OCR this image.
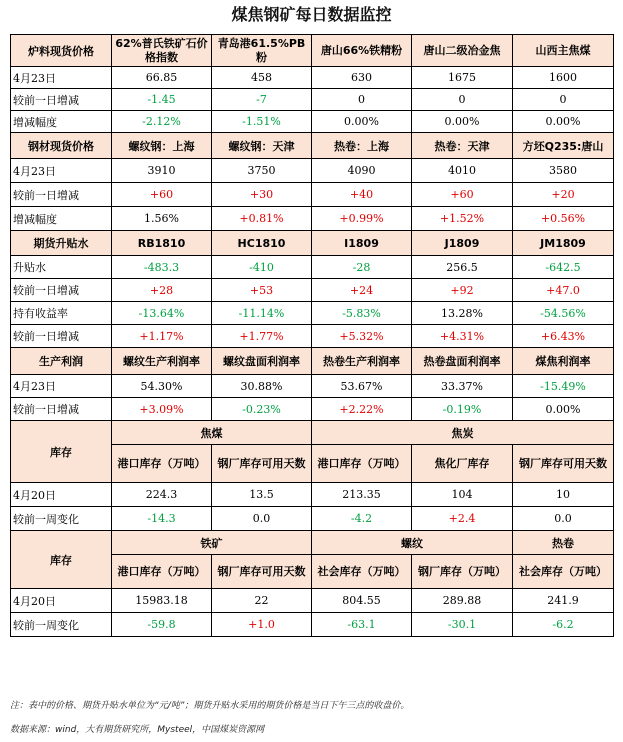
煤焦钢矿每日数据监控
炉料现货价格	62%普氏铁矿石价格指数	青岛港61.5%PB粉	唐山66%铁精粉	唐山二级冶金焦	山西主焦煤
4月23日	66.85	458	630	1675	1600
较前一日增减	-1.45	-7	0	0	0
增减幅度	-2.12%	-1.51%	0.00%	0.00%	0.00%
钢材现货价格	螺纹钢：上海	螺纹钢：天津	热卷：上海	热卷：天津	方坯Q235:唐山
4月23日	3910	3750	4090	4010	3580
较前一日增减	+60	+30	+40	+60	+20
增减幅度	1.56%	+0.81%	+0.99%	+1.52%	+0.56%
期货升贴水	RB1810	HC1810	I1809	J1809	JM1809
升贴水	-483.3	-410	-28	256.5	-642.5
较前一日增减	+28	+53	+24	+92	+47.0
持有收益率	-13.64%	-11.14%	-5.83%	13.28%	-54.56%
较前一日增减	+1.17%	+1.77%	+5.32%	+4.31%	+6.43%
生产利润	螺纹生产利润率	螺纹盘面利润率	热卷生产利润率	热卷盘面利润率	煤焦利润率
4月23日	54.30%	30.88%	53.67%	33.37%	-15.49%
较前一日增减	+3.09%	-0.23%	+2.22%	-0.19%	0.00%
库存	焦煤		焦炭		
	港口库存（万吨）	钢厂库存可用天数	港口库存（万吨）	焦化厂库存	钢厂库存可用天数
4月20日	224.3	13.5	213.35	104	10
较前一周变化	-14.3	0.0	-4.2	+2.4	0.0
库存	铁矿		螺纹		热卷
	港口库存（万吨）	钢厂库存可用天数	社会库存（万吨）	钢厂库存（万吨）	社会库存（万吨）
4月20日	15983.18	22	804.55	289.88	241.9
较前一周变化	-59.8	+1.0	-63.1	-30.1	-6.2
注：表中的价格、期货升贴水单位为“元/吨”；期货升贴水采用的期货价格是当日下午三点的收盘价。
数据来源：wind，大有期货研究所，Mysteel，中国煤炭资源网
